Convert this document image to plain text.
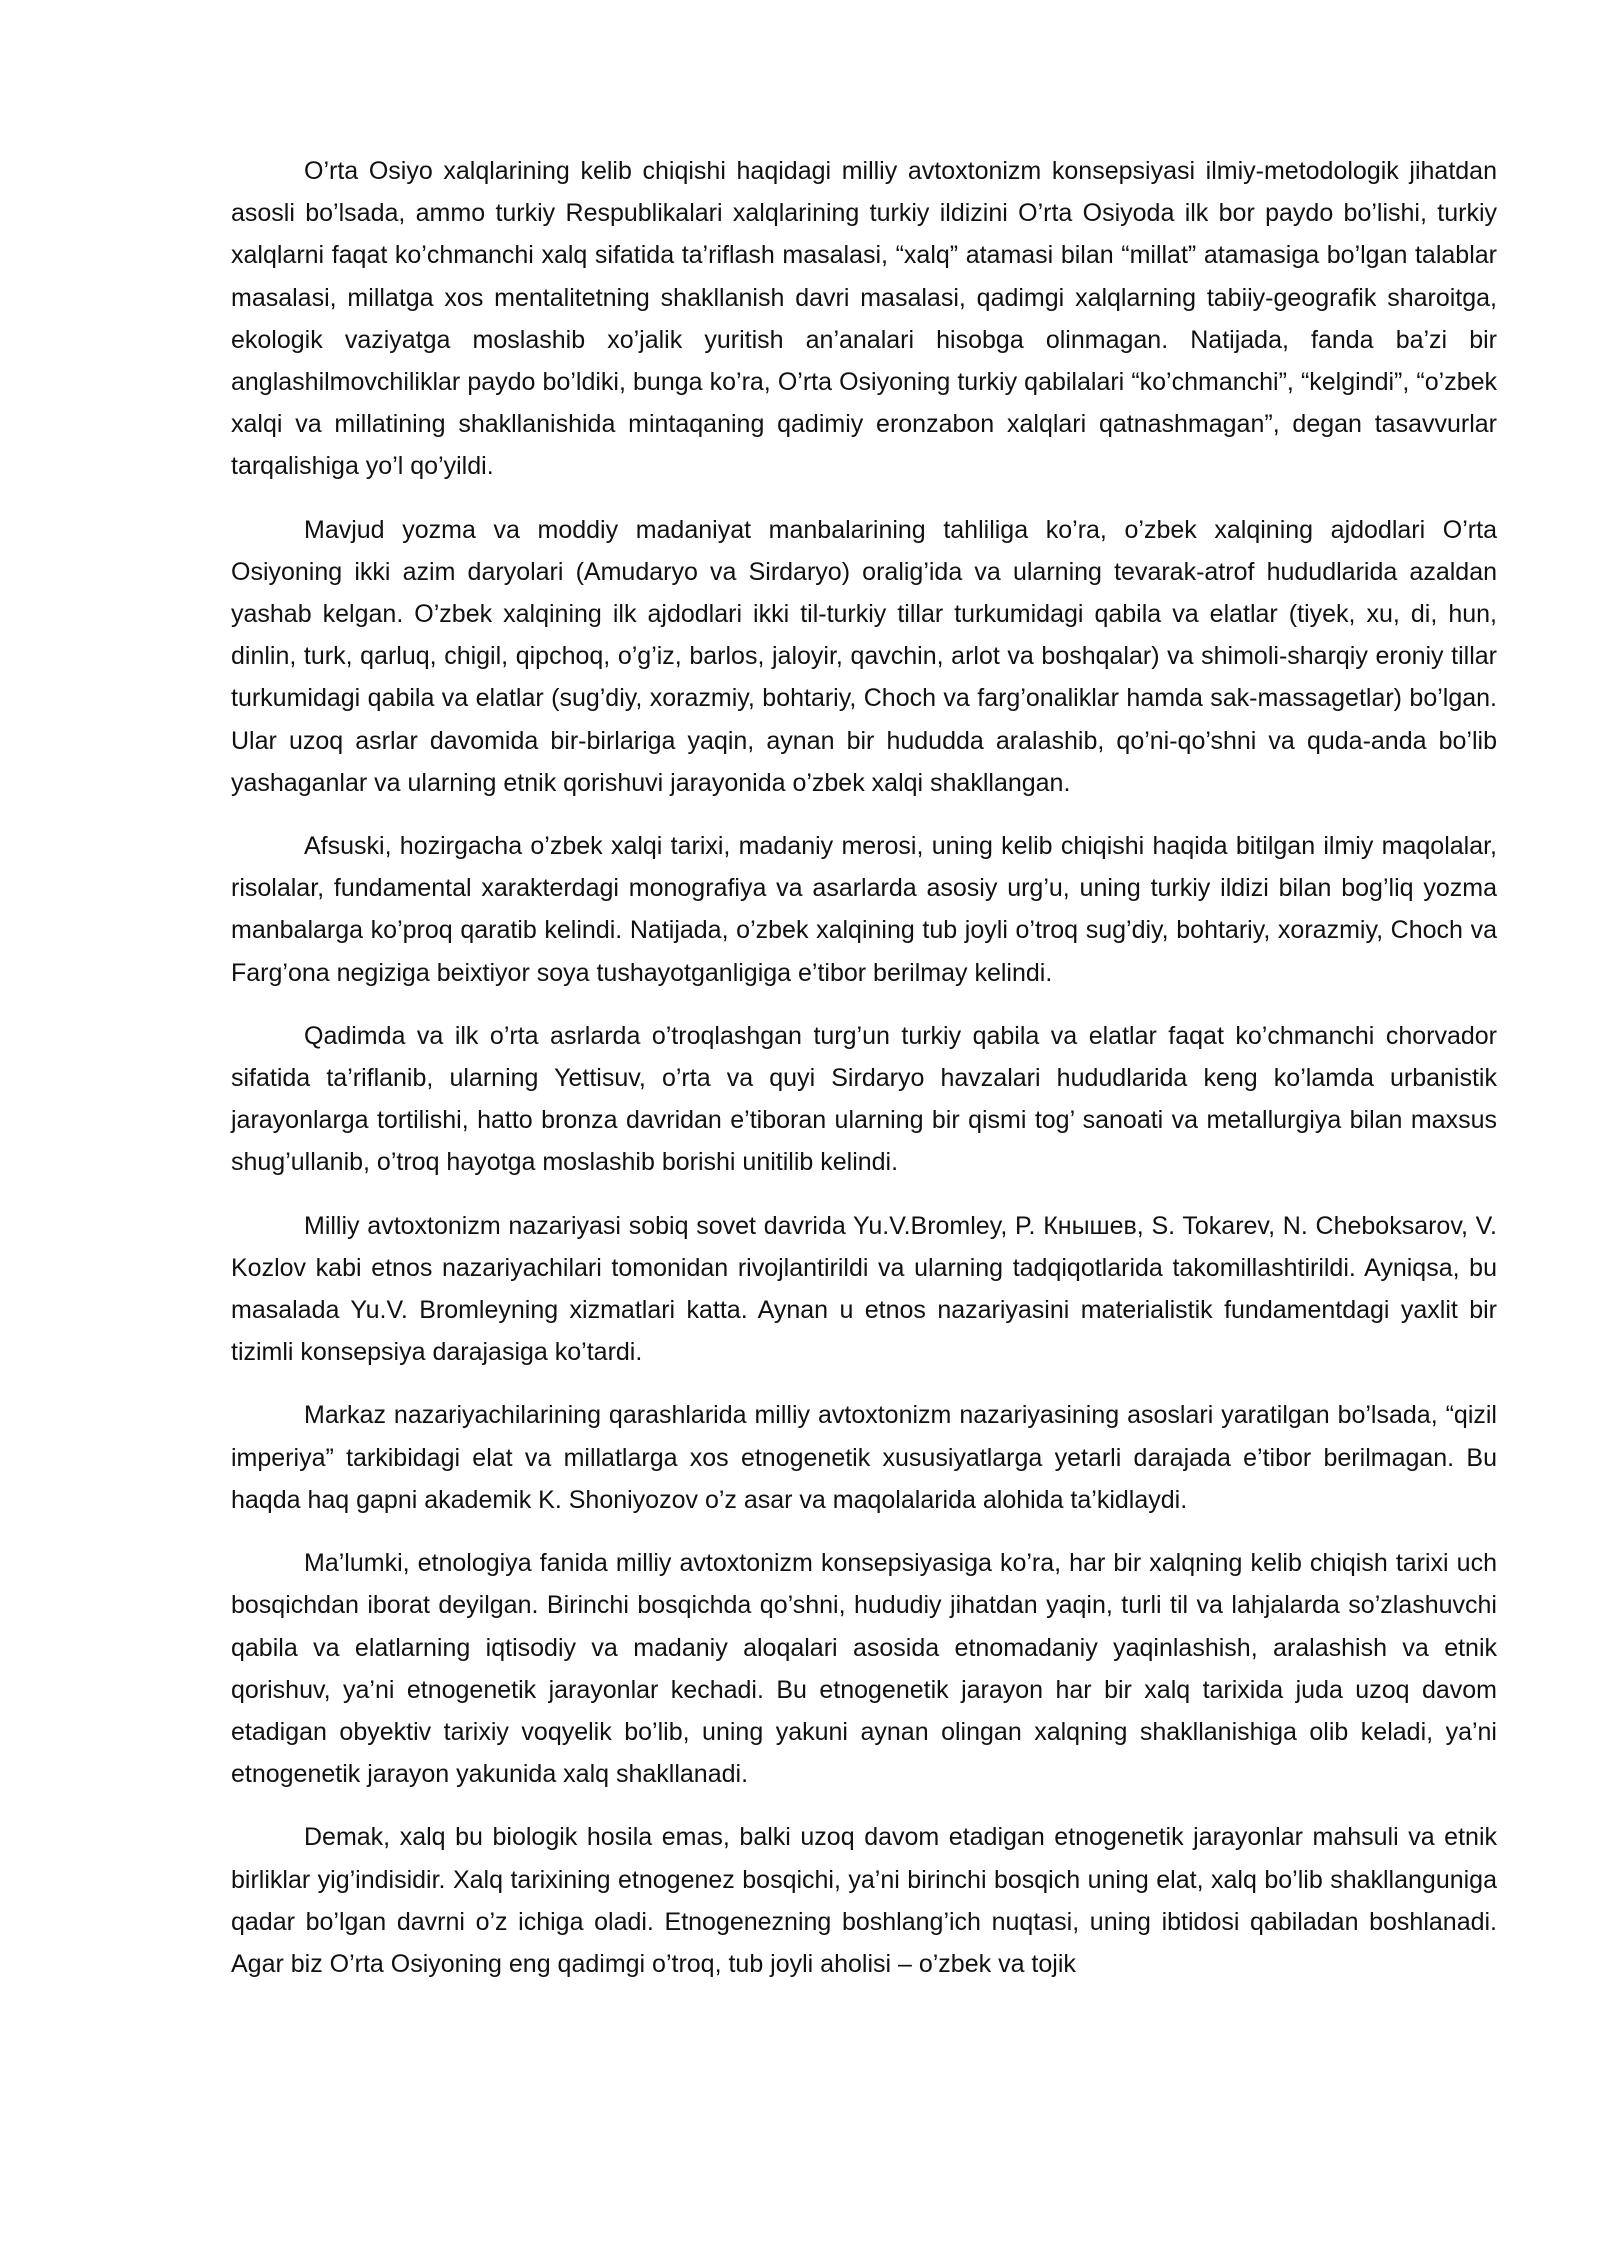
O’rta Osiyo xalqlarining kelib chiqishi haqidagi milliy avtoxtonizm konsepsiyasi ilmiy-metodologik jihatdan asosli bo’lsada, ammo turkiy Respublikalari xalqlarining turkiy ildizini O’rta Osiyoda ilk bor paydo bo’lishi, turkiy xalqlarni faqat ko’chmanchi xalq sifatida ta’riflash masalasi, “xalq” atamasi bilan “millat” atamasiga bo’lgan talablar masalasi, millatga xos mentalitetning shakllanish davri masalasi, qadimgi xalqlarning tabiiy-geografik sharoitga, ekologik vaziyatga moslashib xo’jalik yuritish an’analari hisobga olinmagan. Natijada, fanda ba’zi bir anglashilmovchiliklar paydo bo’ldiki, bunga ko’ra, O’rta Osiyoning turkiy qabilalari “ko’chmanchi”, “kelgindi”, “o’zbek xalqi va millatining shakllanishida mintaqaning qadimiy eronzabon xalqlari qatnashmagan”, degan tasavvurlar tarqalishiga yo’l qo’yildi.

Mavjud yozma va moddiy madaniyat manbalarining tahliliga ko’ra, o’zbek xalqining ajdodlari O’rta Osiyoning ikki azim daryolari (Amudaryo va Sirdaryo) oralig’ida va ularning tevarak-atrof hududlarida azaldan yashab kelgan. O’zbek xalqining ilk ajdodlari ikki til-turkiy tillar turkumidagi qabila va elatlar (tiyek, xu, di, hun, dinlin, turk, qarluq, chigil, qipchoq, o’g’iz, barlos, jaloyir, qavchin, arlot va boshqalar) va shimoli-sharqiy eroniy tillar turkumidagi qabila va elatlar (sug’diy, xorazmiy, bohtariy, Choch va farg’onaliklar hamda sak-massagetlar) bo’lgan. Ular uzoq asrlar davomida bir-birlariga yaqin, aynan bir hududda aralashib, qo’ni-qo’shni va quda-anda bo’lib yashaganlar va ularning etnik qorishuvi jarayonida o’zbek xalqi shakllangan.

Afsuski, hozirgacha o’zbek xalqi tarixi, madaniy merosi, uning kelib chiqishi haqida bitilgan ilmiy maqolalar, risolalar, fundamental xarakterdagi monografiya va asarlarda asosiy urg’u, uning turkiy ildizi bilan bog’liq yozma manbalarga ko’proq qaratib kelindi. Natijada, o’zbek xalqining tub joyli o’troq sug’diy, bohtariy, xorazmiy, Choch va Farg’ona negiziga beixtiyor soya tushayotganligiga e’tibor berilmay kelindi.

Qadimda va ilk o’rta asrlarda o’troqlashgan turg’un turkiy qabila va elatlar faqat ko’chmanchi chorvador sifatida ta’riflanib, ularning Yettisuv, o’rta va quyi Sirdaryo havzalari hududlarida keng ko’lamda urbanistik jarayonlarga tortilishi, hatto bronza davridan e’tiboran ularning bir qismi tog’ sanoati va metallurgiya bilan maxsus shug’ullanib, o’troq hayotga moslashib borishi unitilib kelindi.

Milliy avtoxtonizm nazariyasi sobiq sovet davrida Yu.V.Bromley, P. Кнышев, S. Tokarev, N. Cheboksarov, V. Kozlov kabi etnos nazariyachilari tomonidan rivojlantirildi va ularning tadqiqotlarida takomillashtirildi. Ayniqsa, bu masalada Yu.V. Bromleyning xizmatlari katta. Aynan u etnos nazariyasini materialistik fundamentdagi yaxlit bir tizimli konsepsiya darajasiga ko’tardi.

Markaz nazariyachilarining qarashlarida milliy avtoxtonizm nazariyasining asoslari yaratilgan bo’lsada, “qizil imperiya” tarkibidagi elat va millatlarga xos etnogenetik xususiyatlarga yetarli darajada e’tibor berilmagan. Bu haqda haq gapni akademik K. Shoniyozov o’z asar va maqolalarida alohida ta’kidlaydi.

Ma’lumki, etnologiya fanida milliy avtoxtonizm konsepsiyasiga ko’ra, har bir xalqning kelib chiqish tarixi uch bosqichdan iborat deyilgan. Birinchi bosqichda qo’shni, hududiy jihatdan yaqin, turli til va lahjalarda so’zlashuvchi qabila va elatlarning iqtisodiy va madaniy aloqalari asosida etnomadaniy yaqinlashish, aralashish va etnik qorishuv, ya’ni etnogenetik jarayonlar kechadi. Bu etnogenetik jarayon har bir xalq tarixida juda uzoq davom etadigan obyektiv tarixiy voqyelik bo’lib, uning yakuni aynan olingan xalqning shakllanishiga olib keladi, ya’ni etnogenetik jarayon yakunida xalq shakllanadi.

Demak, xalq bu biologik hosila emas, balki uzoq davom etadigan etnogenetik jarayonlar mahsuli va etnik birliklar yig’indisidir. Xalq tarixining etnogenez bosqichi, ya’ni birinchi bosqich uning elat, xalq bo’lib shakllanguniga qadar bo’lgan davrni o’z ichiga oladi. Etnogenezning boshlang’ich nuqtasi, uning ibtidosi qabiladan boshlanadi. Agar biz O’rta Osiyoning eng qadimgi o’troq, tub joyli aholisi – o’zbek va tojik
